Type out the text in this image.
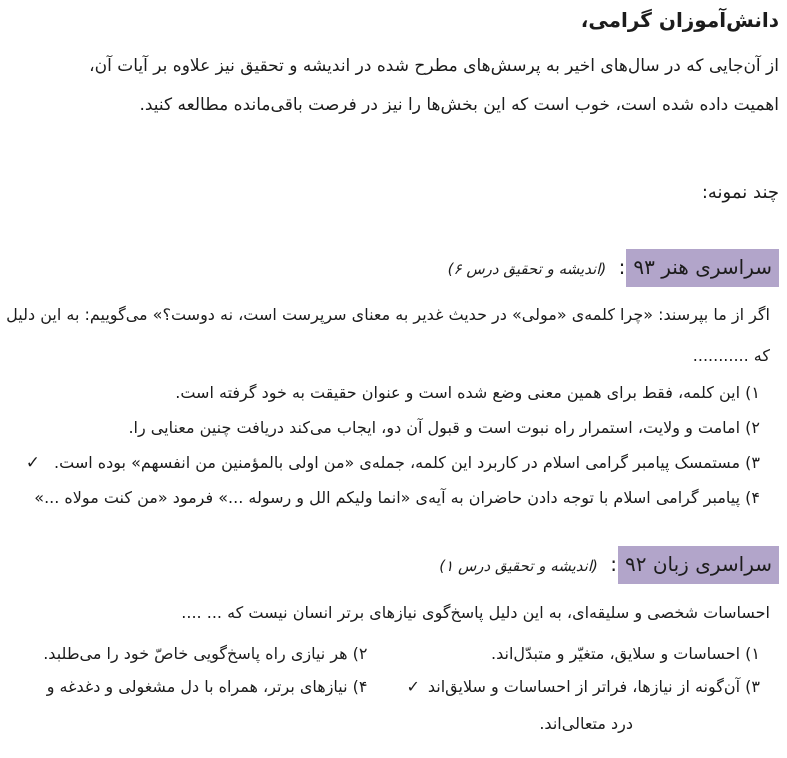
دانش‌آموزان گرامی،
از آن‌جایی که در سال‌های اخیر به پرسش‌های مطرح شده در اندیشه و تحقیق نیز علاوه بر آیات آن،
اهمیت داده شده است، خوب است که این بخش‌ها را نیز در فرصت باقی‌مانده مطالعه کنید.
چند نمونه:
سراسری هنر ۹۳: (اندیشه و تحقیق درس ۶)
اگر از ما بپرسند: «چرا کلمه‌ی «مولی» در حدیث غدیر به معنای سرپرست است، نه دوست؟» می‌گوییم: به این دلیل
که ...........
۱) این کلمه، فقط برای همین معنی وضع شده است و عنوان حقیقت به خود گرفته است.
۲) امامت و ولایت، استمرار راه نبوت است و قبول آن دو، ایجاب می‌کند دریافت چنین معنایی را.
۳) مستمسک پیامبر گرامی اسلام در کاربرد این کلمه، جمله‌ی «من اولی بالمؤمنین من انفسهم» بوده است.✓
۴) پیامبر گرامی اسلام با توجه دادن حاضران به آیه‌ی «انما ولیکم الل و رسوله ...» فرمود «من کنت مولاه ...»
سراسری زبان ۹۲: (اندیشه و تحقیق درس ۱)
احساسات شخصی و سلیقه‌ای، به این دلیل پاسخ‌گوی نیازهای برتر انسان نیست که ... ....
۱) احساسات و سلایق، متغیّر و متبدّل‌اند.
۲) هر نیازی راه پاسخ‌گویی خاصّ خود را می‌طلبد.
۳) آن‌گونه از نیازها، فراتر از احساسات و سلایق‌اند✓
۴) نیازهای برتر، همراه با دل مشغولی و دغدغه و
درد متعالی‌اند.
